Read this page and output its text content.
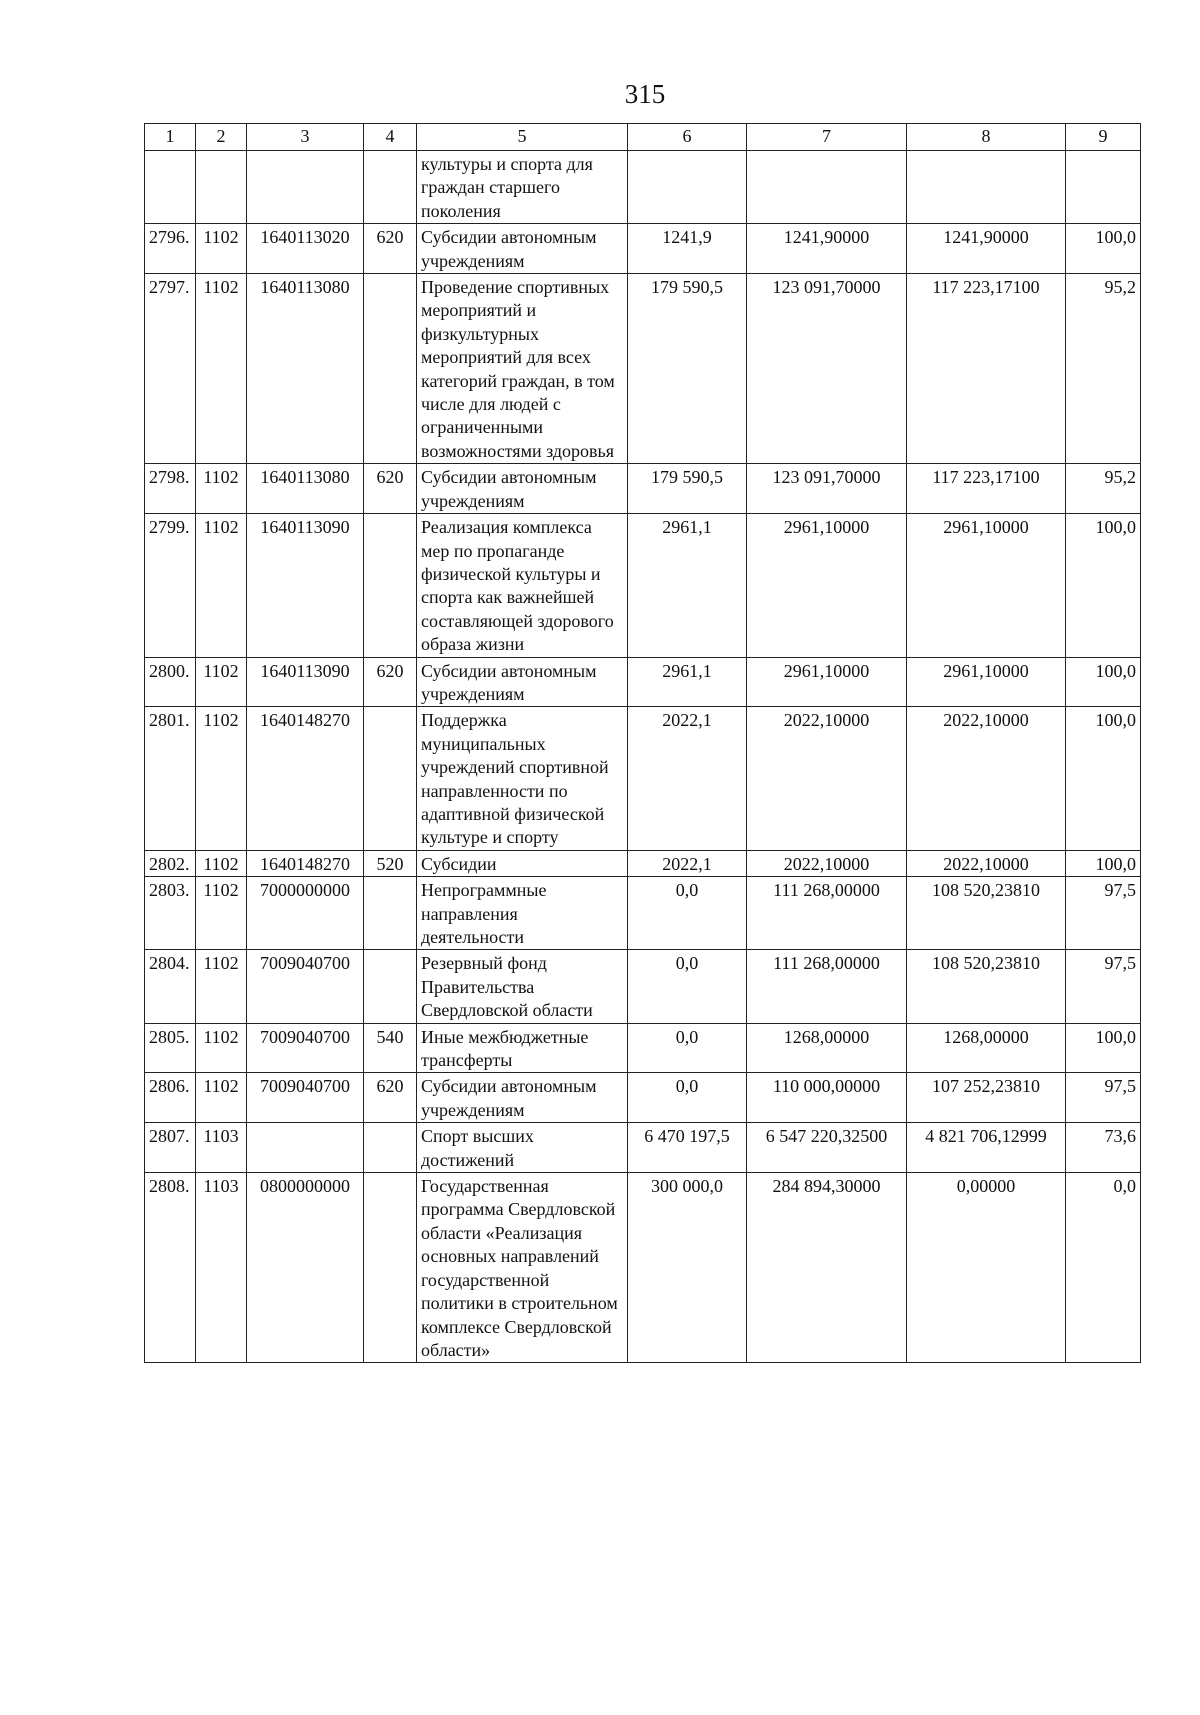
315
1	2	3	4	5	6	7	8	9
				культуры и спорта для граждан старшего поколения				
2796.	1102	1640113020	620	Субсидии автономным учреждениям	1241,9	1241,90000	1241,90000	100,0
2797.	1102	1640113080		Проведение спортивных мероприятий и физкультурных мероприятий для всех категорий граждан, в том числе для людей с ограниченными возможностями здоровья	179 590,5	123 091,70000	117 223,17100	95,2
2798.	1102	1640113080	620	Субсидии автономным учреждениям	179 590,5	123 091,70000	117 223,17100	95,2
2799.	1102	1640113090		Реализация комплекса мер по пропаганде физической культуры и спорта как важнейшей составляющей здорового образа жизни	2961,1	2961,10000	2961,10000	100,0
2800.	1102	1640113090	620	Субсидии автономным учреждениям	2961,1	2961,10000	2961,10000	100,0
2801.	1102	1640148270		Поддержка муниципальных учреждений спортивной направленности по адаптивной физической культуре и спорту	2022,1	2022,10000	2022,10000	100,0
2802.	1102	1640148270	520	Субсидии	2022,1	2022,10000	2022,10000	100,0
2803.	1102	7000000000		Непрограммные направления деятельности	0,0	111 268,00000	108 520,23810	97,5
2804.	1102	7009040700		Резервный фонд Правительства Свердловской области	0,0	111 268,00000	108 520,23810	97,5
2805.	1102	7009040700	540	Иные межбюджетные трансферты	0,0	1268,00000	1268,00000	100,0
2806.	1102	7009040700	620	Субсидии автономным учреждениям	0,0	110 000,00000	107 252,23810	97,5
2807.	1103			Спорт высших достижений	6 470 197,5	6 547 220,32500	4 821 706,12999	73,6
2808.	1103	0800000000		Государственная программа Свердловской области «Реализация основных направлений государственной политики в строительном комплексе Свердловской области»	300 000,0	284 894,30000	0,00000	0,0
